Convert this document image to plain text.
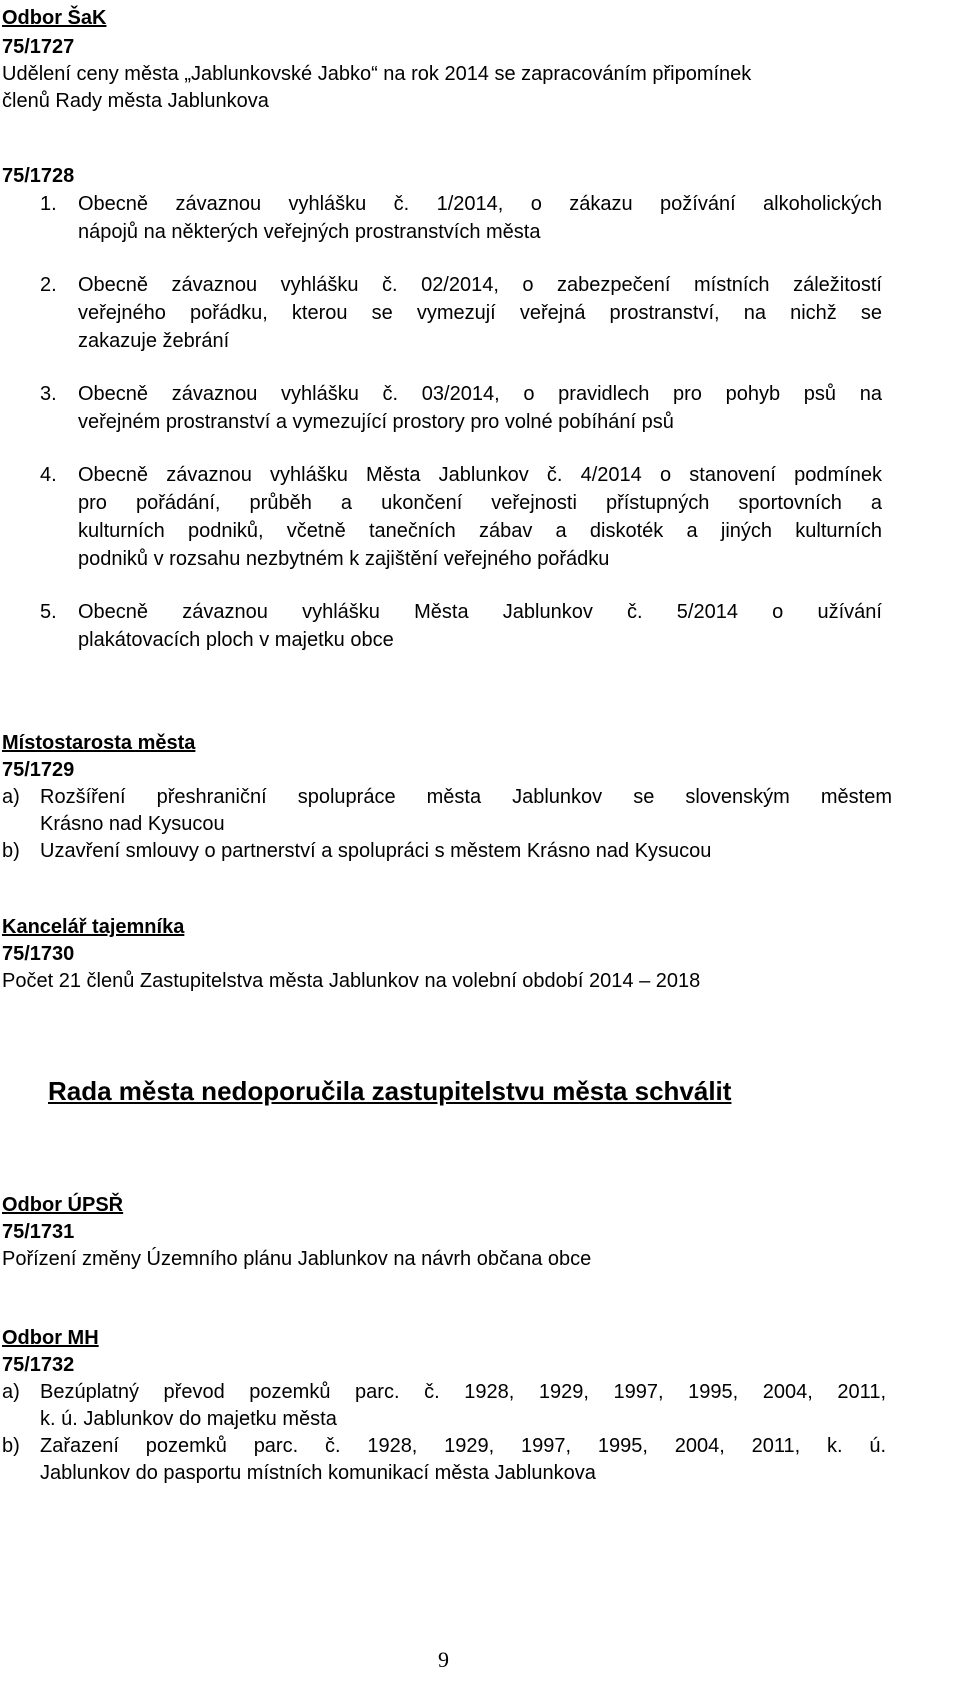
Odbor ŠaK
75/1727
Udělení ceny města „Jablunkovské Jabko“ na rok 2014 se zapracováním připomínek
členů Rady města Jablunkova
75/1728
1. Obecně závaznou vyhlášku č. 1/2014, o zákazu požívání alkoholických
nápojů na některých veřejných prostranstvích města
2. Obecně závaznou vyhlášku č. 02/2014, o zabezpečení místních záležitostí
veřejného pořádku, kterou se vymezují veřejná prostranství, na nichž se
zakazuje žebrání
3. Obecně závaznou vyhlášku č. 03/2014, o pravidlech pro pohyb psů na
veřejném prostranství a vymezující prostory pro volné pobíhání psů
4. Obecně závaznou vyhlášku Města Jablunkov č. 4/2014 o stanovení podmínek
pro pořádání, průběh a ukončení veřejnosti přístupných sportovních a
kulturních podniků, včetně tanečních zábav a diskoték a jiných kulturních
podniků v rozsahu nezbytném k zajištění veřejného pořádku
5. Obecně závaznou vyhlášku Města Jablunkov č. 5/2014 o užívání
plakátovacích ploch v majetku obce
Místostarosta města
75/1729
a) Rozšíření přeshraniční spolupráce města Jablunkov se slovenským městem
Krásno nad Kysucou
b) Uzavření smlouvy o partnerství a spolupráci s městem Krásno nad Kysucou
Kancelář tajemníka
75/1730
Počet 21 členů Zastupitelstva města Jablunkov na volební období 2014 – 2018
Rada města nedoporučila zastupitelstvu města schválit
Odbor ÚPSŘ
75/1731
Pořízení změny Územního plánu Jablunkov na návrh občana obce
Odbor MH
75/1732
a) Bezúplatný převod pozemků parc. č. 1928, 1929, 1997, 1995, 2004, 2011,
k. ú. Jablunkov do majetku města
b) Zařazení pozemků parc. č. 1928, 1929, 1997, 1995, 2004, 2011, k. ú.
Jablunkov do pasportu místních komunikací města Jablunkova
9
